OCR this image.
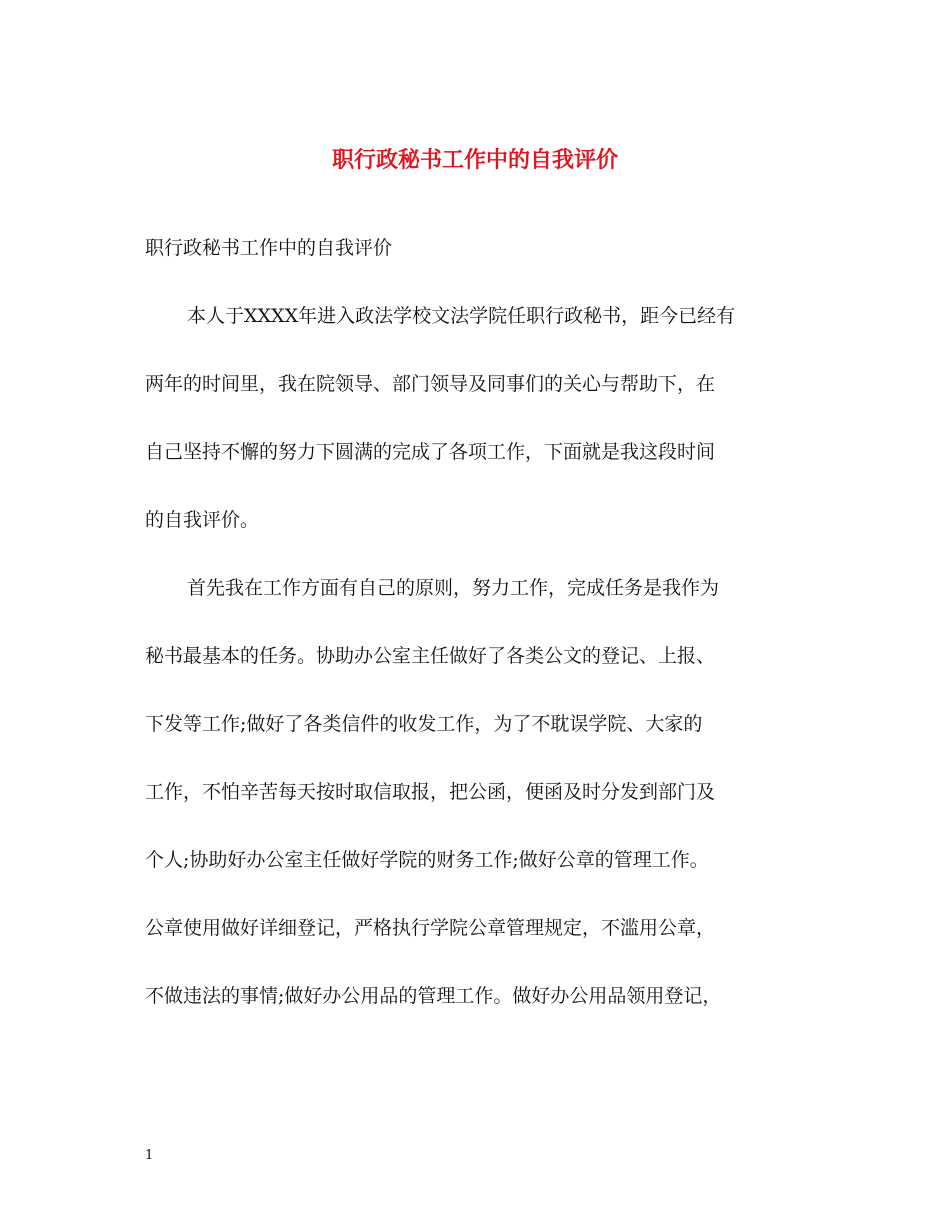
职行政秘书工作中的自我评价
职行政秘书工作中的自我评价
本人于XXXX年进入政法学校文法学院任职行政秘书，距今已经有
两年的时间里，我在院领导、部门领导及同事们的关心与帮助下，在
自己坚持不懈的努力下圆满的完成了各项工作，下面就是我这段时间
的自我评价。
首先我在工作方面有自己的原则，努力工作，完成任务是我作为
秘书最基本的任务。协助办公室主任做好了各类公文的登记、上报、
下发等工作;做好了各类信件的收发工作，为了不耽误学院、大家的
工作，不怕辛苦每天按时取信取报，把公函，便函及时分发到部门及
个人;协助好办公室主任做好学院的财务工作;做好公章的管理工作。
公章使用做好详细登记，严格执行学院公章管理规定，不滥用公章，
不做违法的事情;做好办公用品的管理工作。做好办公用品领用登记，
1
